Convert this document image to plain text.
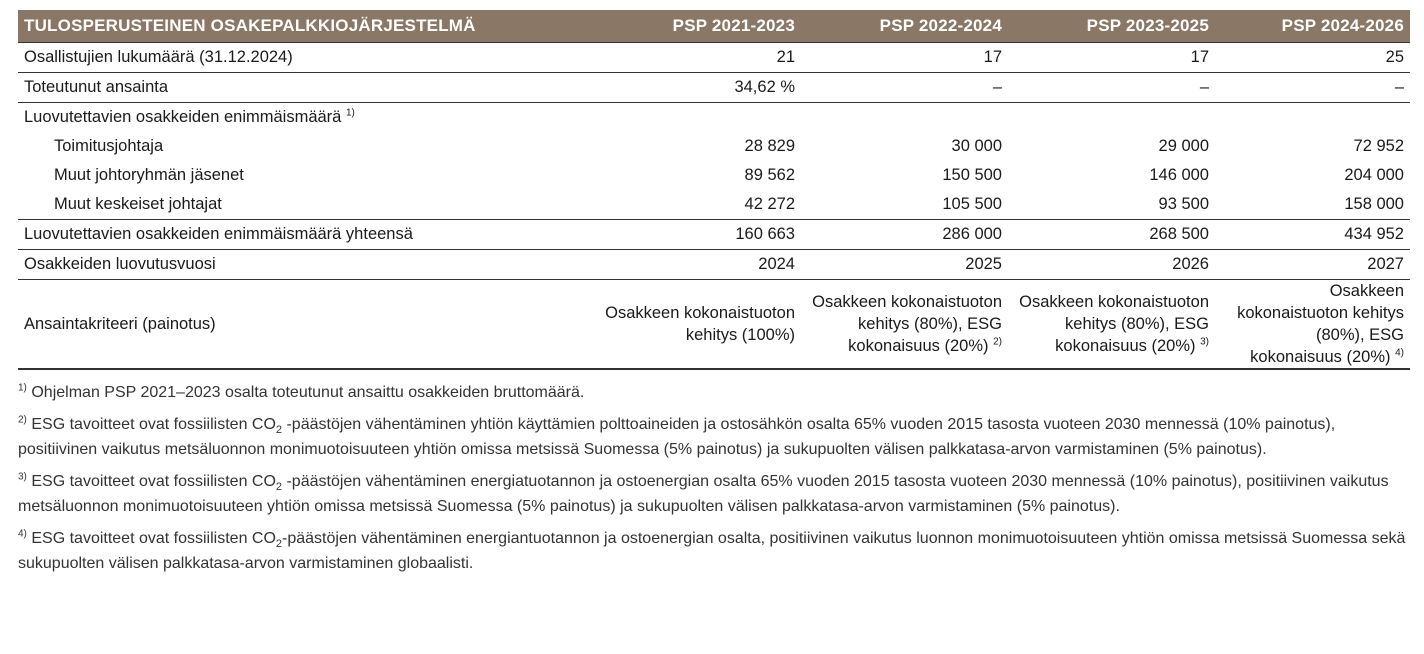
TULOSPERUSTEINEN OSAKEPALKKIOJÄRJESTELMÄ	PSP 2021-2023	PSP 2022-2024	PSP 2023-2025	PSP 2024-2026
Osallistujien lukumäärä (31.12.2024)	21	17	17	25
Toteutunut ansainta	34,62 %	–	–	–
Luovutettavien osakkeiden enimmäismäärä $^{1)}$
Toimitusjohtaja	28 829	30 000	29 000	72 952
Muut johtoryhmän jäsenet	89 562	150 500	146 000	204 000
Muut keskeiset johtajat	42 272	105 500	93 500	158 000
Luovutettavien osakkeiden enimmäismäärä yhteensä	160 663	286 000	268 500	434 952
Osakkeiden luovutusvuosi	2024	2025	2026	2027
Ansaintakriteeri (painotus)	Osakkeen kokonaistuoton kehitys (100%)	Osakkeen kokonaistuoton kehitys (80%), ESG kokonaisuus (20%) $^{2)}$	Osakkeen kokonaistuoton kehitys (80%), ESG kokonaisuus (20%) $^{3)}$	Osakkeen kokonaistuoton kehitys (80%), ESG kokonaisuus (20%) $^{4)}$
$^{1)}$ Ohjelman PSP 2021–2023 osalta toteutunut ansaittu osakkeiden bruttomäärä.
$^{2)}$ ESG tavoitteet ovat fossiilisten $CO_2$ -päästöjen vähentäminen yhtiön käyttämien polttoaineiden ja ostosähkön osalta 65% vuoden 2015 tasosta vuoteen 2030 mennessä (10% painotus), positiivinen vaikutus metsäluonnon monimuotoisuuteen yhtiön omissa metsissä Suomessa (5% painotus) ja sukupuolten välisen palkkatasa-arvon varmistaminen (5% painotus).
$^{3)}$ ESG tavoitteet ovat fossiilisten $CO_2$ -päästöjen vähentäminen energiatuotannon ja ostoenergian osalta 65% vuoden 2015 tasosta vuoteen 2030 mennessä (10% painotus), positiivinen vaikutus metsäluonnon monimuotoisuuteen yhtiön omissa metsissä Suomessa (5% painotus) ja sukupuolten välisen palkkatasa-arvon varmistaminen (5% painotus).
$^{4)}$ ESG tavoitteet ovat fossiilisten $CO_2$-päästöjen vähentäminen energiantuotannon ja ostoenergian osalta, positiivinen vaikutus luonnon monimuotoisuuteen yhtiön omissa metsissä Suomessa sekä sukupuolten välisen palkkatasa-arvon varmistaminen globaalisti.
